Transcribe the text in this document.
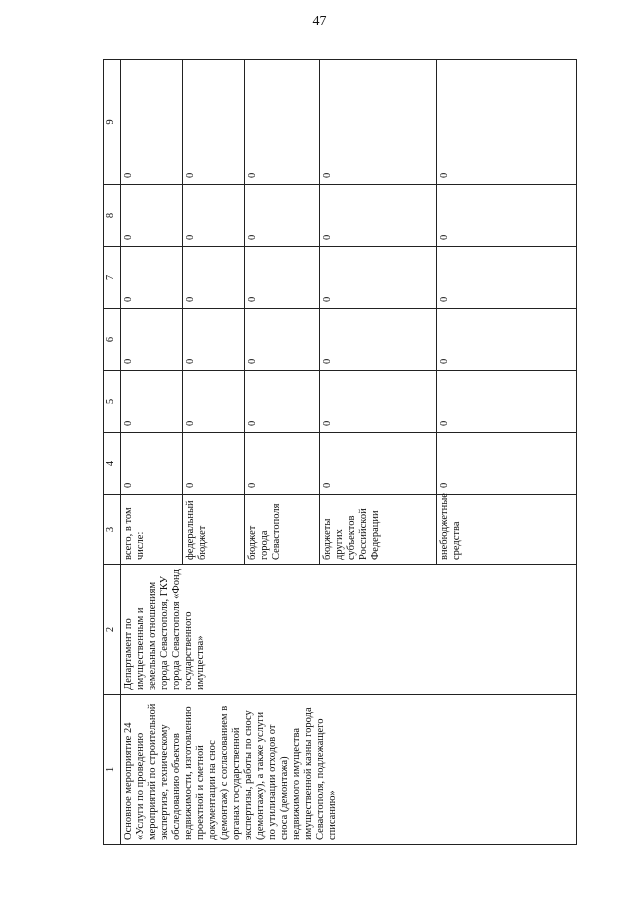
47
1	2	3	4	5	6	7	8	9
Основное мероприятие 24 «Услуги по проведению мероприятий по строительной экспертизе, техническому обследованию объектов недвижимости, изготовлению проектной и сметной документации на снос (демонтаж) с согласованием в органах государственной экспертизы, работы по сносу (демонтажу), а также услуги по утилизации отходов от сноса (демонтажа) недвижимого имущества имущественной казны города Севастополя, подлежащего списанию»	Департамент по имущественным и земельным отношениям города Севастополя, ГКУ города Севастополя «Фонд государственного имущества»	всего, в том числе:	0	0	0	0	0	0
		федеральный бюджет	0	0	0	0	0	0
		бюджет города Севастополя	0	0	0	0	0	0
		бюджеты других субъектов Российской Федерации	0	0	0	0	0	0
		внебюджетные средства	0	0	0	0	0	0
